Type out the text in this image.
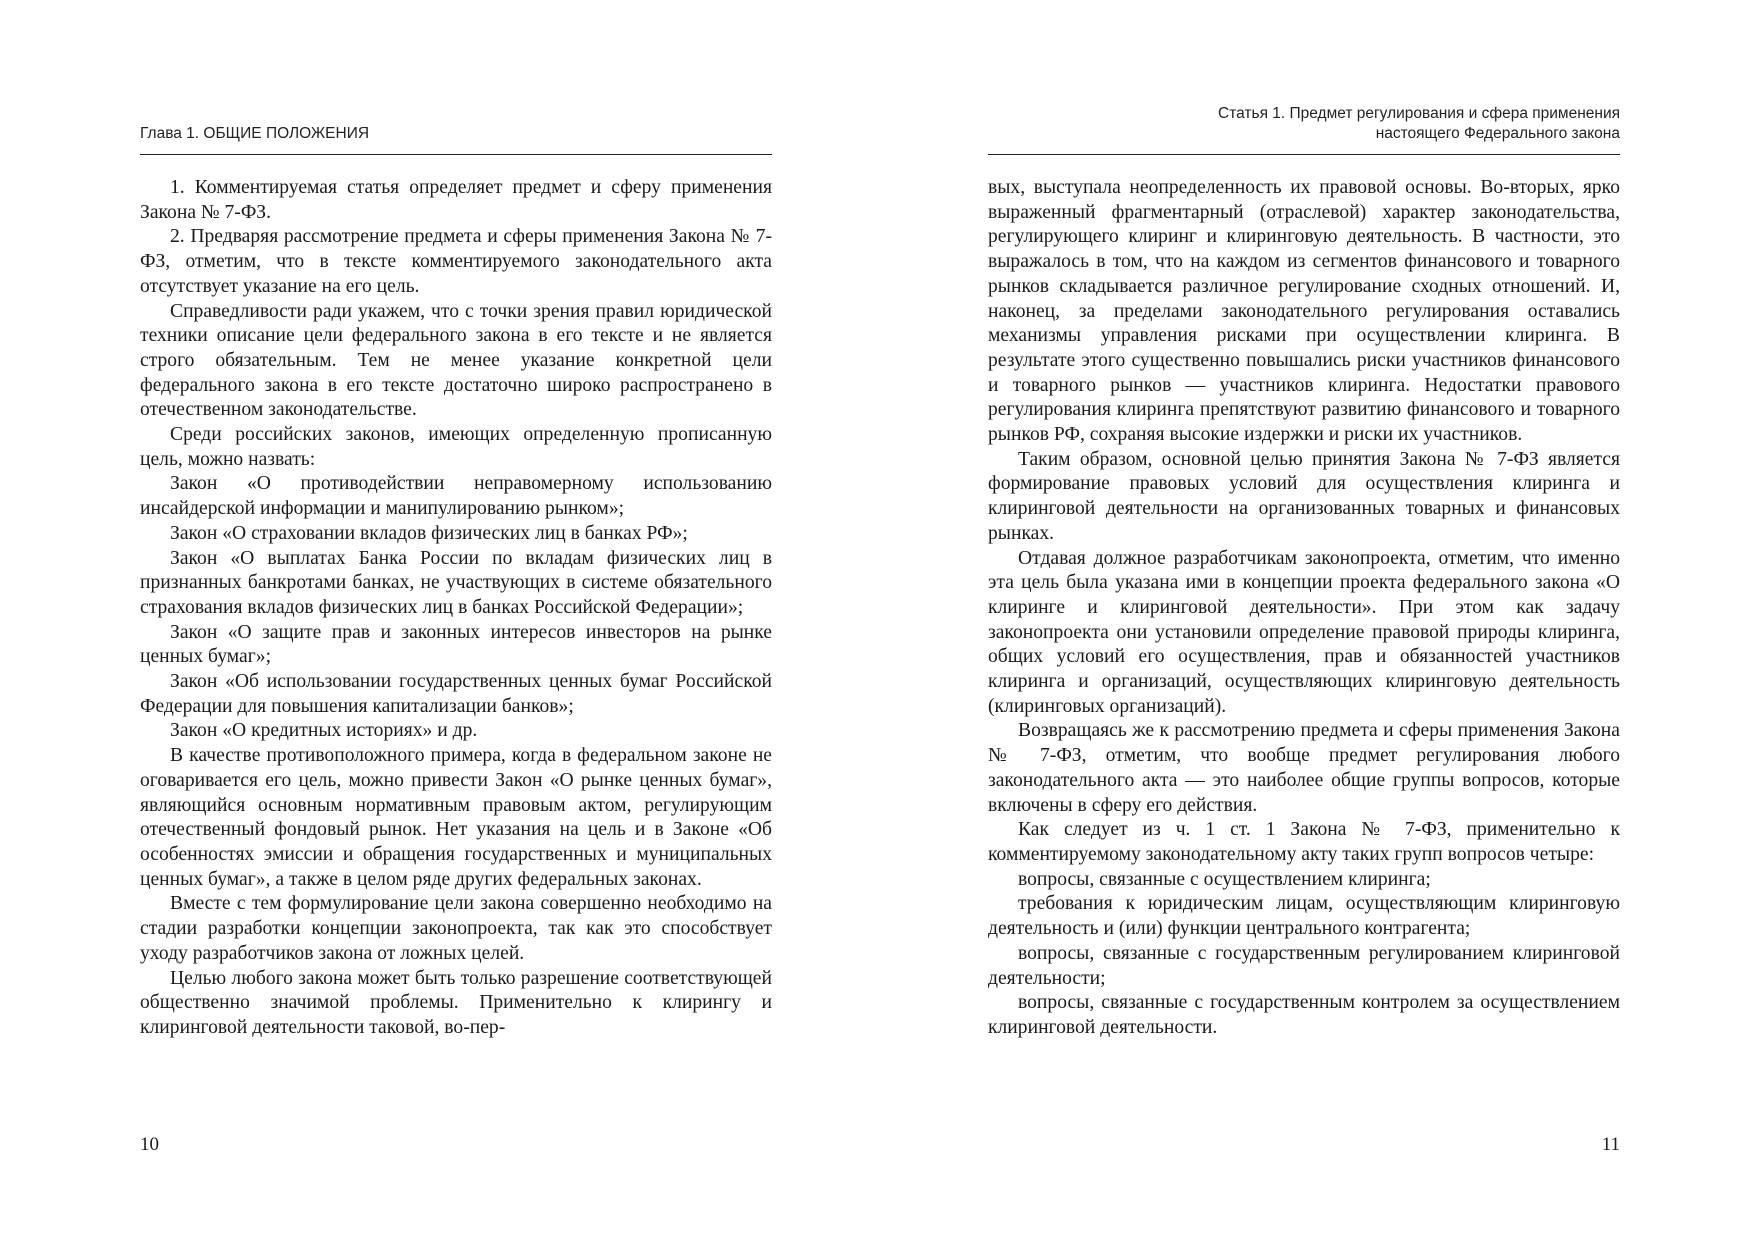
Глава 1. ОБЩИЕ ПОЛОЖЕНИЯ

1. Комментируемая статья определяет предмет и сферу применения Закона № 7-ФЗ.

2. Предваряя рассмотрение предмета и сферы применения Закона № 7-ФЗ, отметим, что в тексте комментируемого законодательного акта отсутствует указание на его цель.

Справедливости ради укажем, что с точки зрения правил юридической техники описание цели федерального закона в его тексте и не является строго обязательным. Тем не менее указание конкретной цели федерального закона в его тексте достаточно широко распространено в отечественном законодательстве.

Среди российских законов, имеющих определенную прописанную цель, можно назвать:

Закон «О противодействии неправомерному использованию инсайдерской информации и манипулированию рынком»;

Закон «О страховании вкладов физических лиц в банках РФ»;

Закон «О выплатах Банка России по вкладам физических лиц в признанных банкротами банках, не участвующих в системе обязательного страхования вкладов физических лиц в банках Российской Федерации»;

Закон «О защите прав и законных интересов инвесторов на рынке ценных бумаг»;

Закон «Об использовании государственных ценных бумаг Российской Федерации для повышения капитализации банков»;

Закон «О кредитных историях» и др.

В качестве противоположного примера, когда в федеральном законе не оговаривается его цель, можно привести Закон «О рынке ценных бумаг», являющийся основным нормативным правовым актом, регулирующим отечественный фондовый рынок. Нет указания на цель и в Законе «Об особенностях эмиссии и обращения государственных и муниципальных ценных бумаг», а также в целом ряде других федеральных законах.

Вместе с тем формулирование цели закона совершенно необходимо на стадии разработки концепции законопроекта, так как это способствует уходу разработчиков закона от ложных целей.

Целью любого закона может быть только разрешение соответствующей общественно значимой проблемы. Применительно к клирингу и клиринговой деятельности таковой, во-пер-

10
Статья 1. Предмет регулирования и сфера применения
настоящего Федерального закона

вых, выступала неопределенность их правовой основы. Во-вторых, ярко выраженный фрагментарный (отраслевой) характер законодательства, регулирующего клиринг и клиринговую деятельность. В частности, это выражалось в том, что на каждом из сегментов финансового и товарного рынков складывается различное регулирование сходных отношений. И, наконец, за пределами законодательного регулирования оставались механизмы управления рисками при осуществлении клиринга. В результате этого существенно повышались риски участников финансового и товарного рынков — участников клиринга. Недостатки правового регулирования клиринга препятствуют развитию финансового и товарного рынков РФ, сохраняя высокие издержки и риски их участников.

Таким образом, основной целью принятия Закона № 7-ФЗ является формирование правовых условий для осуществления клиринга и клиринговой деятельности на организованных товарных и финансовых рынках.

Отдавая должное разработчикам законопроекта, отметим, что именно эта цель была указана ими в концепции проекта федерального закона «О клиринге и клиринговой деятельности». При этом как задачу законопроекта они установили определение правовой природы клиринга, общих условий его осуществления, прав и обязанностей участников клиринга и организаций, осуществляющих клиринговую деятельность (клиринговых организаций).

Возвращаясь же к рассмотрению предмета и сферы применения Закона № 7-ФЗ, отметим, что вообще предмет регулирования любого законодательного акта — это наиболее общие группы вопросов, которые включены в сферу его действия.

Как следует из ч. 1 ст. 1 Закона № 7-ФЗ, применительно к комментируемому законодательному акту таких групп вопросов четыре:

вопросы, связанные с осуществлением клиринга;

требования к юридическим лицам, осуществляющим клиринговую деятельность и (или) функции центрального контрагента;

вопросы, связанные с государственным регулированием клиринговой деятельности;

вопросы, связанные с государственным контролем за осуществлением клиринговой деятельности.

11
